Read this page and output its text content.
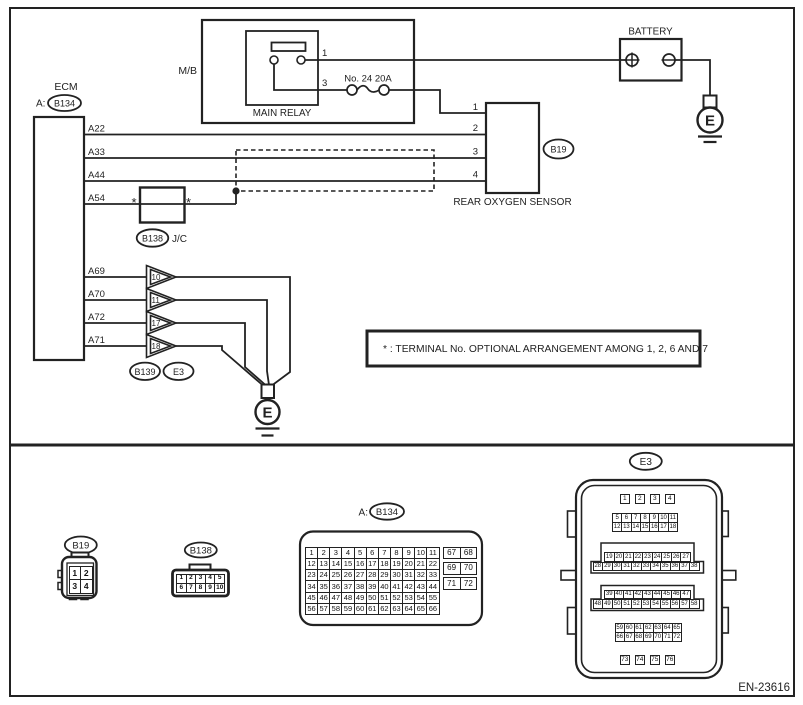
ECM
A: B134
A22
A33
A44
A54
A69
A70
A72
A71
M/B
MAIN RELAY
1
3 No. 24 20A
BATTERY
E
1
2
3
4
B19
REAR OXYGEN SENSOR
*	*
B138 J/C
10
11
17
18
B139 E3
E
* : TERMINAL No. OPTIONAL ARRANGEMENT AMONG 1, 2, 6 AND 7
B19	B138
A: B134
E3
EN-23616
1 2
3 4
1 2 3 4 5
6 7 8 9 10
1	2	3	4	5	6	7	8	9 10 11
12 13 14 15 16 17 18 19 20 21 22
23 24 25 26 27 28 29 30 31 32 33
34 35 36 37 38 39 40 41 42 43 44
45 46 47 48 49 50 51 52 53 54 55
56 57 58 59 60 61 62 63 64 65 66
67 68
69 70
71 72
1	2	3	4
5 6 7 8 9 10 11
12 13 14 15 16 17 18
19 20 21 22 23 24 25 26 27
28 29 30 31 32 33 34 35 36 37 38
39 40 41 42 43 44 45 46 47
48 49 50 51 52 53 54 55 56 57 58
59 60 61 62 63 64 65
66 67 68 69 70 71 72
73 74 75 76
